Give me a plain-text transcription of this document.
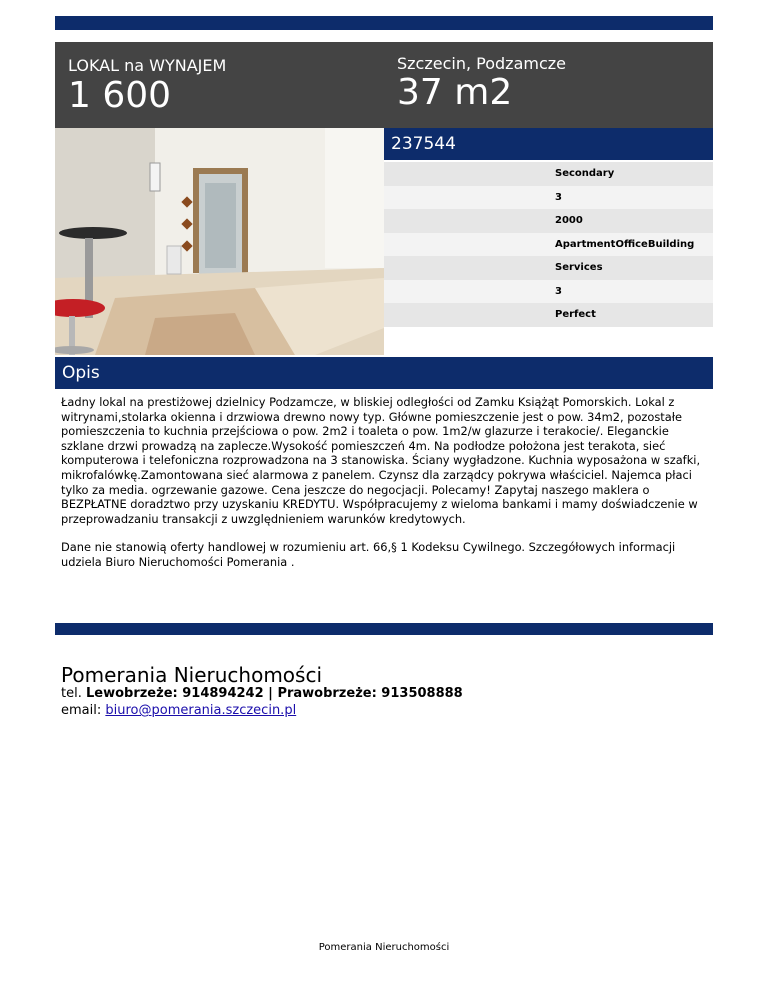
LOKAL na WYNAJEM
1 600
Szczecin, Podzamcze
37 m2
237544
Secondary
3
2000
ApartmentOfficeBuilding
Services
3
Perfect
Opis

Ładny lokal na prestiżowej dzielnicy Podzamcze, w bliskiej odległości od Zamku Książąt Pomorskich. Lokal z witrynami,stolarka okienna i drzwiowa drewno nowy typ. Główne pomieszczenie jest o pow. 34m2, pozostałe pomieszczenia to kuchnia przejściowa o pow. 2m2 i toaleta o pow. 1m2/w glazurze i terakocie/. Eleganckie szklane drzwi prowadzą na zaplecze.Wysokość pomieszczeń 4m. Na podłodze położona jest terakota, sieć komputerowa i telefoniczna rozprowadzona na 3 stanowiska. Ściany wygładzone. Kuchnia wyposażona w szafki, mikrofalówkę.Zamontowana sieć alarmowa z panelem. Czynsz dla zarządcy pokrywa właściciel. Najemca płaci tylko za media. ogrzewanie gazowe. Cena jeszcze do negocjacji. Polecamy! Zapytaj naszego maklera o BEZPŁATNE doradztwo przy uzyskaniu KREDYTU. Współpracujemy z wieloma bankami i mamy doświadczenie w przeprowadzaniu transakcji z uwzględnieniem warunków kredytowych.

Dane nie stanowią oferty handlowej w rozumieniu art. 66,§ 1 Kodeksu Cywilnego. Szczegółowych informacji udziela Biuro Nieruchomości Pomerania .

Pomerania Nieruchomości
tel. Lewobrzeże: 914894242 | Prawobrzeże: 913508888
email: biuro@pomerania.szczecin.pl
Pomerania Nieruchomości
